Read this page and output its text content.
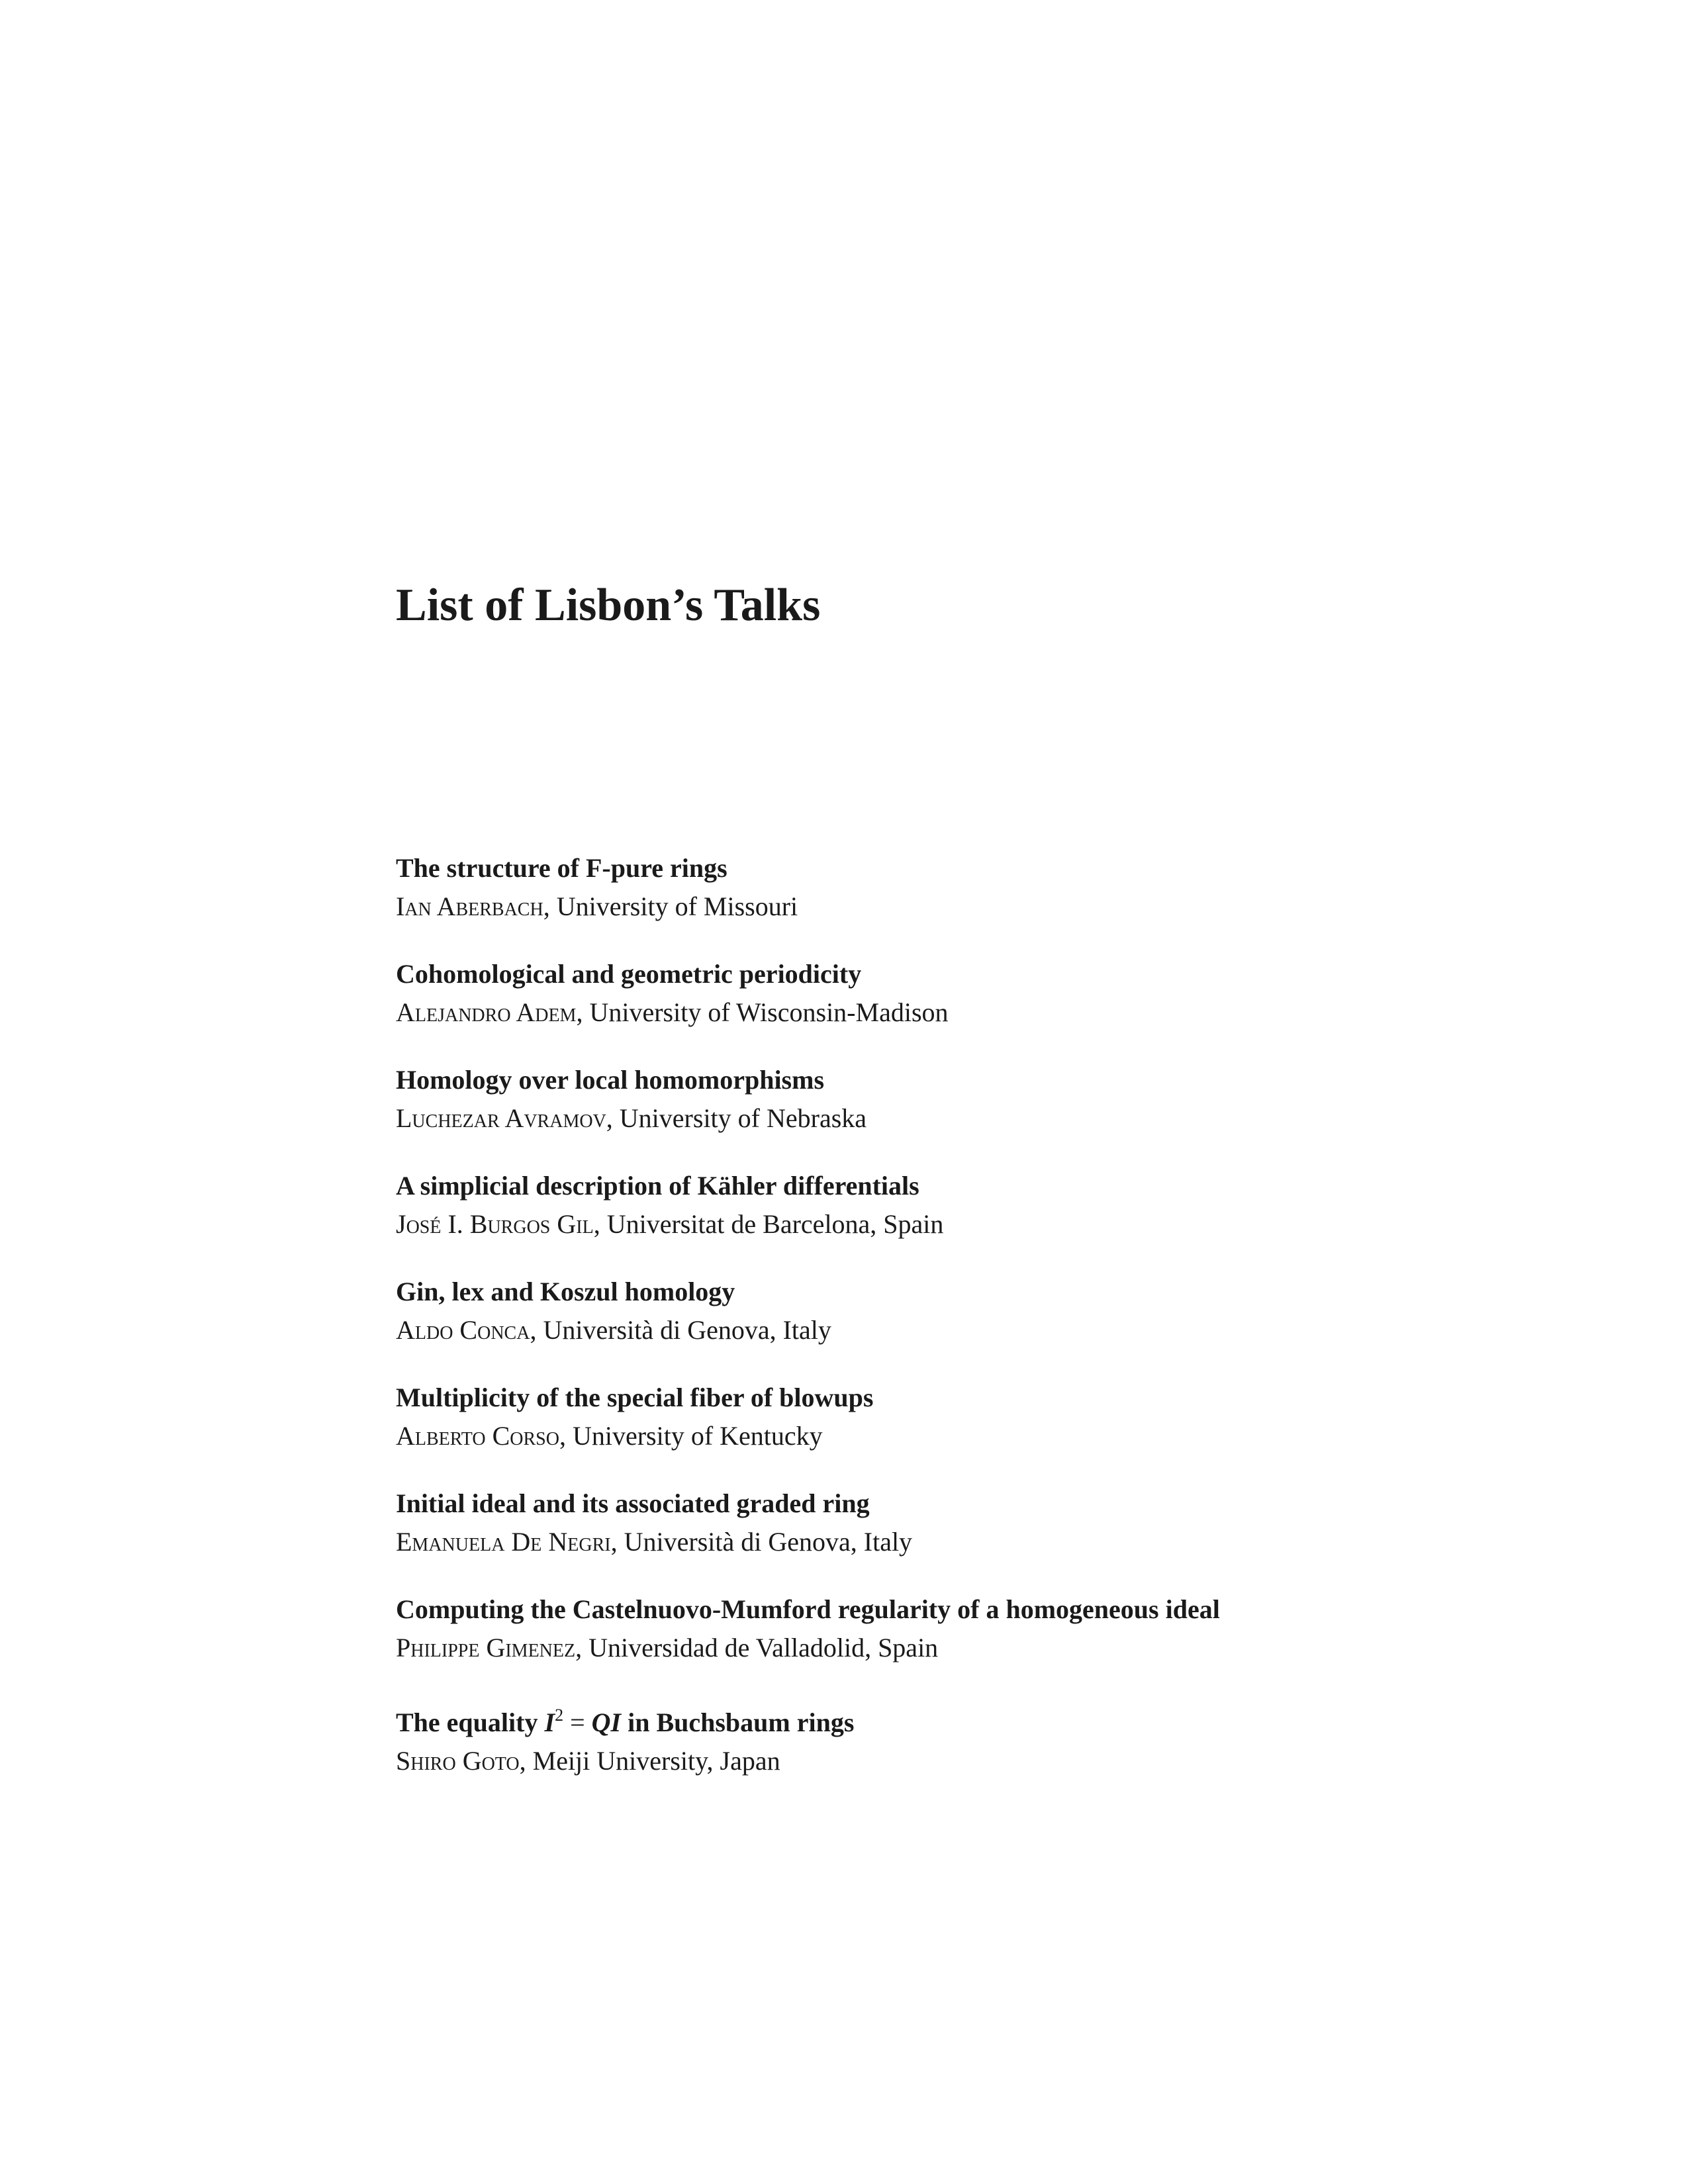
List of Lisbon’s Talks
The structure of F-pure rings
Ian Aberbach, University of Missouri
Cohomological and geometric periodicity
Alejandro Adem, University of Wisconsin-Madison
Homology over local homomorphisms
Luchezar Avramov, University of Nebraska
A simplicial description of Kähler differentials
José I. Burgos Gil, Universitat de Barcelona, Spain
Gin, lex and Koszul homology
Aldo Conca, Università di Genova, Italy
Multiplicity of the special fiber of blowups
Alberto Corso, University of Kentucky
Initial ideal and its associated graded ring
Emanuela De Negri, Università di Genova, Italy
Computing the Castelnuovo-Mumford regularity of a homogeneous ideal
Philippe Gimenez, Universidad de Valladolid, Spain
The equality $I^2$ = QI in Buchsbaum rings
Shiro Goto, Meiji University, Japan
